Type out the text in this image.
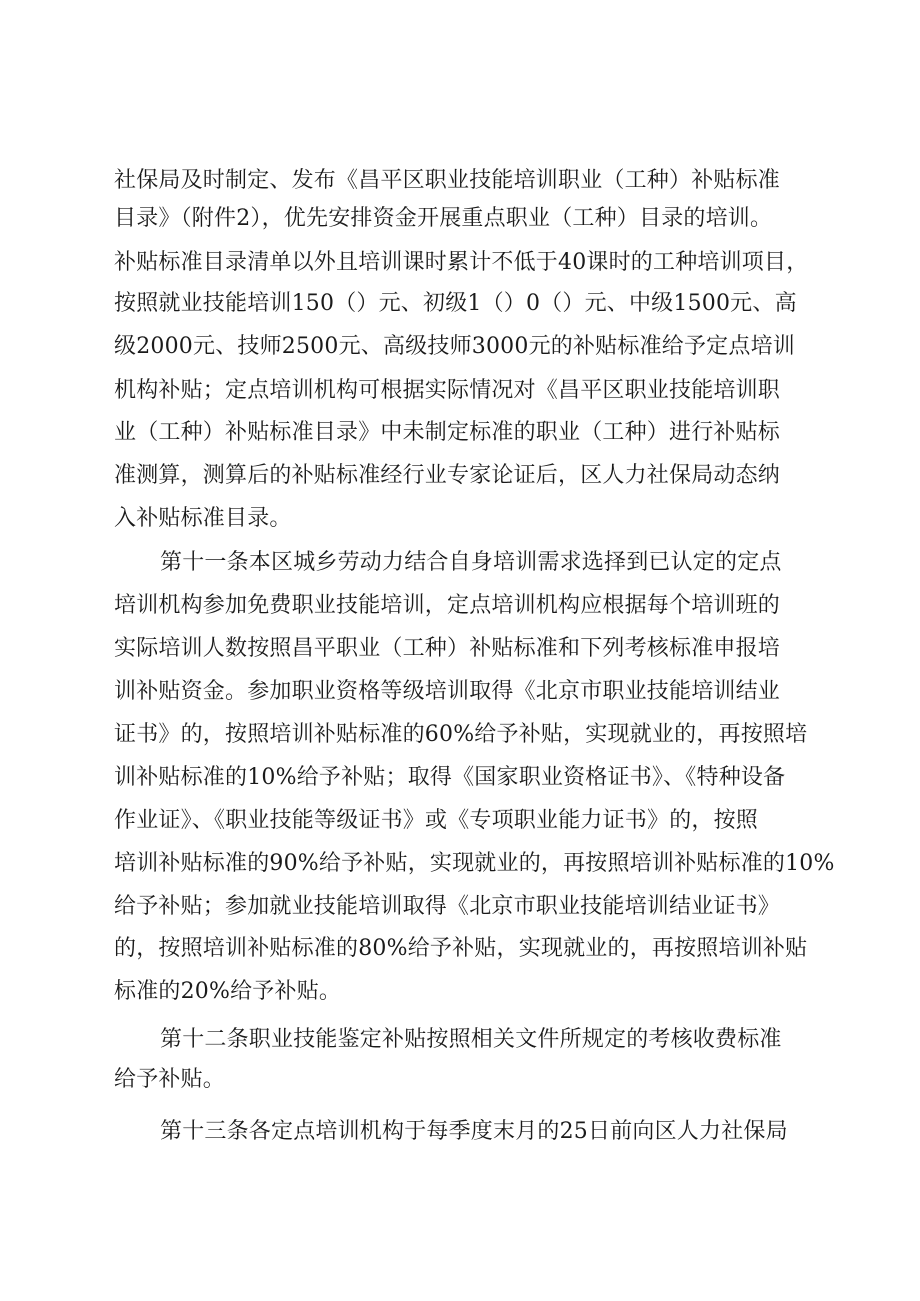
社保局及时制定、发布《昌平区职业技能培训职业（工种）补贴标准
目录》（附件2），优先安排资金开展重点职业（工种）目录的培训。
补贴标准目录清单以外且培训课时累计不低于40课时的工种培训项目，
按照就业技能培训150（）元、初级1（）0（）元、中级1500元、高
级2000元、技师2500元、高级技师3000元的补贴标准给予定点培训
机构补贴；定点培训机构可根据实际情况对《昌平区职业技能培训职
业（工种）补贴标准目录》中未制定标准的职业（工种）进行补贴标
准测算，测算后的补贴标准经行业专家论证后，区人力社保局动态纳
入补贴标准目录。
第十一条本区城乡劳动力结合自身培训需求选择到已认定的定点
培训机构参加免费职业技能培训，定点培训机构应根据每个培训班的
实际培训人数按照昌平职业（工种）补贴标准和下列考核标准申报培
训补贴资金。参加职业资格等级培训取得《北京市职业技能培训结业
证书》的，按照培训补贴标准的60%给予补贴，实现就业的，再按照培
训补贴标准的10%给予补贴；取得《国家职业资格证书》、《特种设备
作业证》、《职业技能等级证书》或《专项职业能力证书》的，按照
培训补贴标准的90%给予补贴，实现就业的，再按照培训补贴标准的10%
给予补贴；参加就业技能培训取得《北京市职业技能培训结业证书》
的，按照培训补贴标准的80%给予补贴，实现就业的，再按照培训补贴
标准的20%给予补贴。
第十二条职业技能鉴定补贴按照相关文件所规定的考核收费标准
给予补贴。
第十三条各定点培训机构于每季度末月的25日前向区人力社保局
